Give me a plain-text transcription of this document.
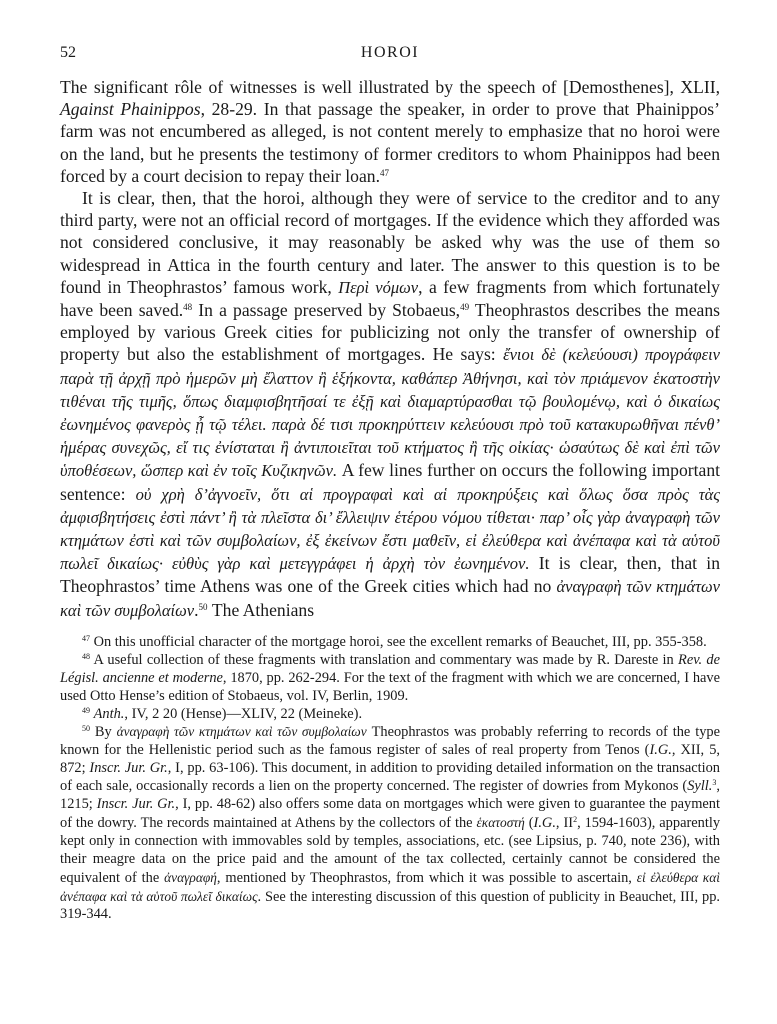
52	HOROI

The significant rôle of witnesses is well illustrated by the speech of [Demosthenes], XLII, Against Phainippos, 28-29. In that passage the speaker, in order to prove that Phainippos’ farm was not encumbered as alleged, is not content merely to emphasize that no horoi were on the land, but he presents the testimony of former creditors to whom Phainippos had been forced by a court decision to repay their loan.$^{47}$

It is clear, then, that the horoi, although they were of service to the creditor and to any third party, were not an official record of mortgages. If the evidence which they afforded was not considered conclusive, it may reasonably be asked why was the use of them so widespread in Attica in the fourth century and later. The answer to this question is to be found in Theophrastos’ famous work, Περὶ νόμων, a few fragments from which fortunately have been saved.$^{48}$ In a passage preserved by Stobaeus,$^{49}$ Theophrastos describes the means employed by various Greek cities for publicizing not only the transfer of ownership of property but also the establishment of mortgages. He says: ἔνιοι δὲ (κελεύουσι) προγράφειν παρὰ τῇ ἀρχῇ πρὸ ἡμερῶν μὴ ἔλαττον ἢ ἑξήκοντα, καθάπερ Ἀθήνησι, καὶ τὸν πριάμενον ἑκατοστὴν τιθέναι τῆς τιμῆς, ὅπως διαμφισβητῆσαί τε ἐξῇ καὶ διαμαρτύρασθαι τῷ βουλομένῳ, καὶ ὁ δικαίως ἐωνημένος φανερὸς ᾖ τῷ τέλει. παρὰ δέ τισι προκηρύττειν κελεύουσι πρὸ τοῦ κατακυρωθῆναι πένθ’ ἡμέρας συνεχῶς, εἴ τις ἐνίσταται ἢ ἀντιποιεῖται τοῦ κτήματος ἢ τῆς οἰκίας· ὡσαύτως δὲ καὶ ἐπὶ τῶν ὑποθέσεων, ὥσπερ καὶ ἐν τοῖς Κυζικηνῶν. A few lines further on occurs the following important sentence: οὐ χρὴ δ’ἀγνοεῖν, ὅτι αἱ προγραφαὶ καὶ αἱ προκηρύξεις καὶ ὅλως ὅσα πρὸς τὰς ἀμφισβητήσεις ἐστὶ πάντ’ ἢ τὰ πλεῖστα δι’ ἔλλειψιν ἑτέρου νόμου τίθεται· παρ’ οἷς γὰρ ἀναγραφὴ τῶν κτημάτων ἐστὶ καὶ τῶν συμβολαίων, ἐξ ἐκείνων ἔστι μαθεῖν, εἰ ἐλεύθερα καὶ ἀνέπαφα καὶ τὰ αὑτοῦ πωλεῖ δικαίως· εὐθὺς γὰρ καὶ μετεγγράφει ἡ ἀρχὴ τὸν ἐωνημένον. It is clear, then, that in Theophrastos’ time Athens was one of the Greek cities which had no ἀναγραφὴ τῶν κτημάτων καὶ τῶν συμβολαίων.$^{50}$ The Athenians

$^{47}$ On this unofficial character of the mortgage horoi, see the excellent remarks of Beauchet, III, pp. 355-358.

$^{48}$ A useful collection of these fragments with translation and commentary was made by R. Dareste in Rev. de Législ. ancienne et moderne, 1870, pp. 262-294. For the text of the fragment with which we are concerned, I have used Otto Hense’s edition of Stobaeus, vol. IV, Berlin, 1909.

$^{49}$ Anth., IV, 2 20 (Hense)—XLIV, 22 (Meineke).

$^{50}$ By ἀναγραφὴ τῶν κτημάτων καὶ τῶν συμβολαίων Theophrastos was probably referring to records of the type known for the Hellenistic period such as the famous register of sales of real property from Tenos (I.G., XII, 5, 872; Inscr. Jur. Gr., I, pp. 63-106). This document, in addition to providing detailed information on the transaction of each sale, occasionally records a lien on the property concerned. The register of dowries from Mykonos (Syll.$^3$, 1215; Inscr. Jur. Gr., I, pp. 48-62) also offers some data on mortgages which were given to guarantee the payment of the dowry. The records maintained at Athens by the collectors of the ἑκατοστή (I.G., $II^2$, 1594-1603), apparently kept only in connection with immovables sold by temples, associations, etc. (see Lipsius, p. 740, note 236), with their meagre data on the price paid and the amount of the tax collected, certainly cannot be considered the equivalent of the ἀναγραφή, mentioned by Theophrastos, from which it was possible to ascertain, εἰ ἐλεύθερα καὶ ἀνέπαφα καὶ τὰ αὑτοῦ πωλεῖ δικαίως. See the interesting discussion of this question of publicity in Beauchet, III, pp. 319-344.
